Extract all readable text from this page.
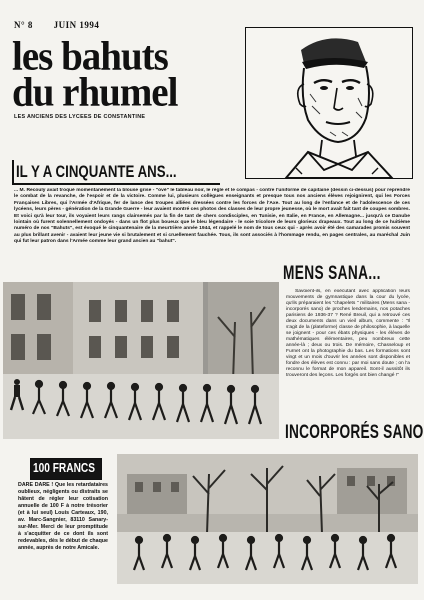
N° 8 JUIN 1994
les bahuts
du rhumel
LES ANCIENS DES LYCEES DE CONSTANTINE
IL Y A CINQUANTE ANS...
... M. Recoulý avait troqué momentanément la blouse grise - "ové" le tableau noir, le règle et le compas - contre l'uniforme de capitaine (dessin ci-dessus) pour reprendre le combat de la revanche, de l'espoir et de la victoire. Comme lui, plusieurs collègues enseignants et presque tous nos anciens élèves rejoignirent, qui les Forces Françaises Libres, qui l'Armée d'Afrique, fer de lance des troupes alliées dressées contre les forces de l'Axe. Tout au long de l'enfance et de l'adolescence de ces lycéens, leurs pères - génération de la Grande Guerre - leur avaient montré ces photos des classes de leur propre jeunesse, où le mort avait fait tant de coupes sombres. Et voici qu'à leur tour, ils voyaient leurs rangs clairsemés par la fin de tant de chers condisciples, en Tunisie, en Italie, en France, en Allemagne... jusqu'à ce Danube lointain où furent solennellement ondoyés - dans un flot plus boueux que le bleu légendaire - le soie tricolore de leurs glorieux drapeaux. Tout au long de ce huitième numéro de nos "Bahuts", est évoqué le cinquantenaire de la meurtrière année 1944, et rappelé le nom de tous ceux qui - après avoir été des camarades promis souvent au plus brillant avenir - avaient leur jeune vie si brutalement et si cruellement fauchée. Tous, ils sont associés à l'hommage rendu, en pages centrales, au maréchal Juin qui fut leur patron dans l'Armée comme leur grand ancien au "bahut".
MENS SANA...

Savoient-ils, en exécutant avec application leurs mouvements de gymnastique dans la cour du lycée, qu'ils préparaient les "chapelets " militaires (Mens sana - incorporés sano) de proches lendemains, nos potaches parisiens de 1936-37 ? René Breuil, qui a retrouvé ces deux documents dans un vieil album, commente : "Il s'agit de la (plateforme) classe de philosophie, à laquelle se joignent - pour ces ébats physiques - les élèves de mathématiques élémentaires, peu nombreux cette année-là ; deux ou trois. De mémoire, Chasseloup et Furnet ont la photographie du bas. Les formations sont vingt et un mois d'ouvrir les années sont disponibles et fondre des élèves est connu : par moi sans doute ; on l'a reconnu le format de mon appareil. Sont-il aussitôt ils trouveront des leçons. Les forgés ont bien changé !"

INCORPORÉS SANO
100 FRANCS
DARE DARE ! Que les retardataires oublieux, négligents ou distraits se hâtent de régler leur cotisation annuelle de 100 F à notre trésorier (et à lui seul) Louis Carteaux, 190, av. Marc-Sangnier, 83110 Sanary-sur-Mer. Merci de leur promptitude à s'acquitter de ce dont ils sont redevables, dès le début de chaque année, auprès de notre Amicale.
